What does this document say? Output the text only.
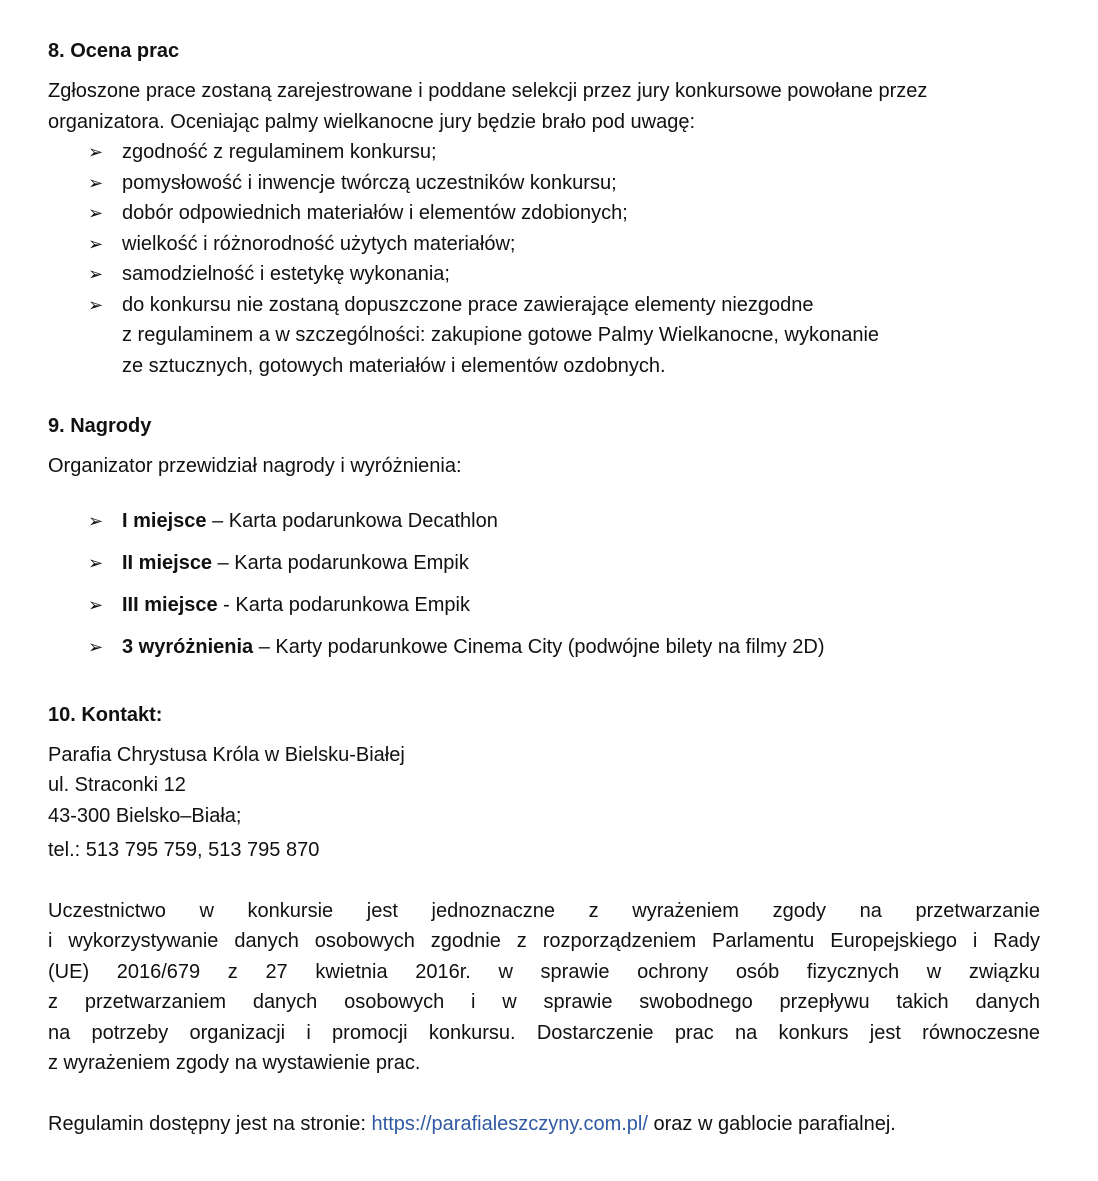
8. Ocena prac

Zgłoszone prace zostaną zarejestrowane i poddane selekcji przez jury konkursowe powołane przez

organizatora. Oceniając palmy wielkanocne jury będzie brało pod uwagę:

➢ zgodność z regulaminem konkursu;
➢ pomysłowość i inwencje twórczą uczestników konkursu;
➢ dobór odpowiednich materiałów i elementów zdobionych;
➢ wielkość i różnorodność użytych materiałów;
➢ samodzielność i estetykę wykonania;
➢ do konkursu nie zostaną dopuszczone prace zawierające elementy niezgodne
z regulaminem a w szczególności: zakupione gotowe Palmy Wielkanocne, wykonanie
ze sztucznych, gotowych materiałów i elementów ozdobnych.

9. Nagrody

Organizator przewidział nagrody i wyróżnienia:

➢ I miejsce – Karta podarunkowa Decathlon
➢ II miejsce – Karta podarunkowa Empik
➢ III miejsce - Karta podarunkowa Empik
➢ 3 wyróżnienia – Karty podarunkowe Cinema City (podwójne bilety na filmy 2D)

10. Kontakt:

Parafia Chrystusa Króla w Bielsku-Białej

ul. Straconki 12

43-300 Bielsko–Biała;

tel.: 513 795 759, 513 795 870

Uczestnictwo w konkursie jest jednoznaczne z wyrażeniem zgody na przetwarzanie

i wykorzystywanie danych osobowych zgodnie z rozporządzeniem Parlamentu Europejskiego i Rady

(UE) 2016/679 z 27 kwietnia 2016r. w sprawie ochrony osób fizycznych w związku

z przetwarzaniem danych osobowych i w sprawie swobodnego przepływu takich danych

na potrzeby organizacji i promocji konkursu. Dostarczenie prac na konkurs jest równoczesne

z wyrażeniem zgody na wystawienie prac.

Regulamin dostępny jest na stronie: https://parafialeszczyny.com.pl/ oraz w gablocie parafialnej.
